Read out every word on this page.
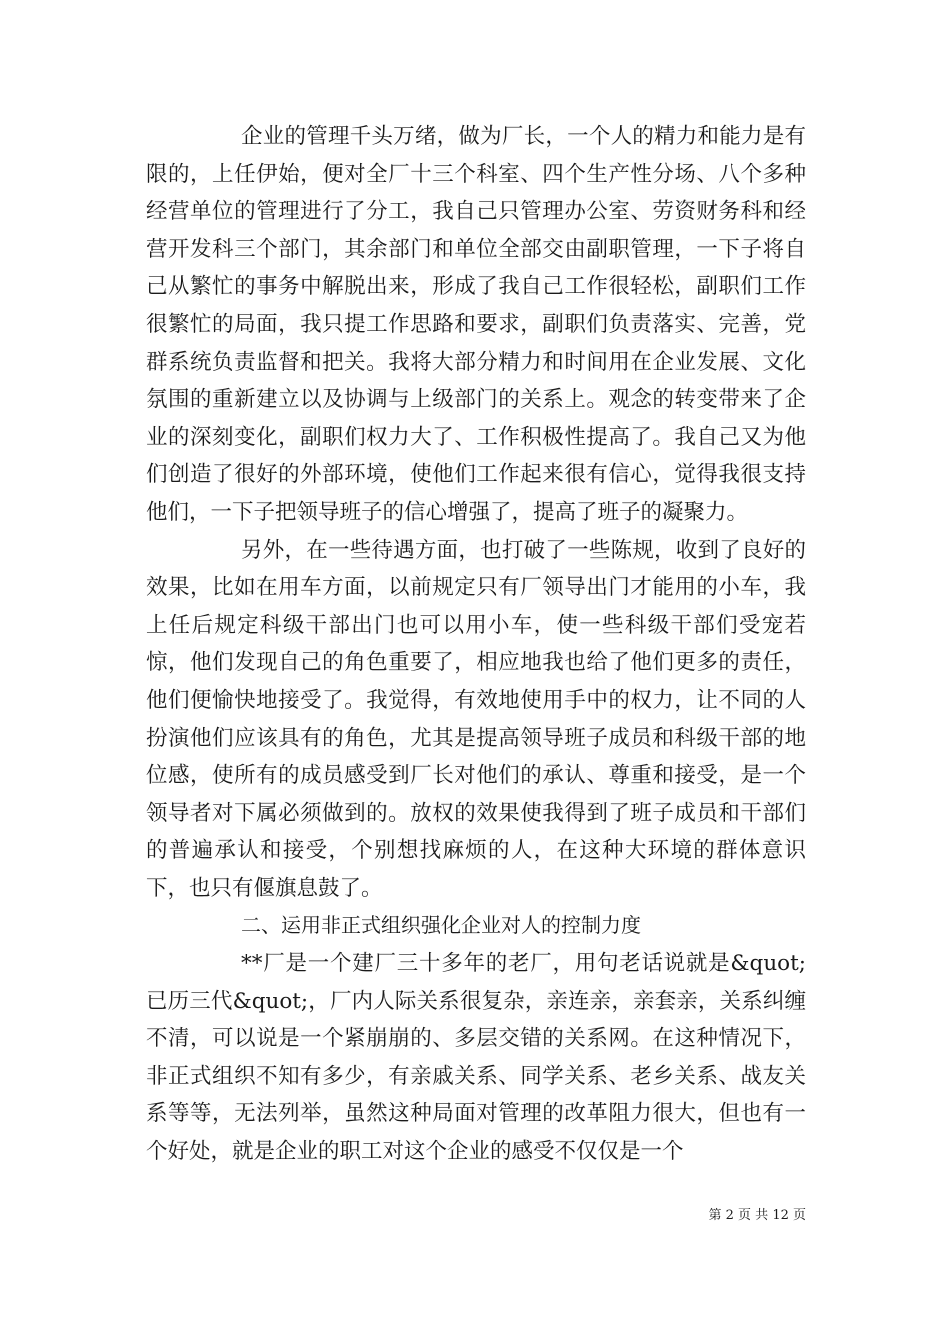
企业的管理千头万绪，做为厂长，一个人的精力和能力是有限的，上任伊始，便对全厂十三个科室、四个生产性分场、八个多种经营单位的管理进行了分工，我自己只管理办公室、劳资财务科和经营开发科三个部门，其余部门和单位全部交由副职管理，一下子将自己从繁忙的事务中解脱出来，形成了我自己工作很轻松，副职们工作很繁忙的局面，我只提工作思路和要求，副职们负责落实、完善，党群系统负责监督和把关。我将大部分精力和时间用在企业发展、文化氛围的重新建立以及协调与上级部门的关系上。观念的转变带来了企业的深刻变化，副职们权力大了、工作积极性提高了。我自己又为他们创造了很好的外部环境，使他们工作起来很有信心，觉得我很支持他们，一下子把领导班子的信心增强了，提高了班子的凝聚力。

另外，在一些待遇方面，也打破了一些陈规，收到了良好的效果，比如在用车方面，以前规定只有厂领导出门才能用的小车，我上任后规定科级干部出门也可以用小车，使一些科级干部们受宠若惊，他们发现自己的角色重要了，相应地我也给了他们更多的责任，他们便愉快地接受了。我觉得，有效地使用手中的权力，让不同的人扮演他们应该具有的角色，尤其是提高领导班子成员和科级干部的地位感，使所有的成员感受到厂长对他们的承认、尊重和接受，是一个领导者对下属必须做到的。放权的效果使我得到了班子成员和干部们的普遍承认和接受，个别想找麻烦的人，在这种大环境的群体意识下，也只有偃旗息鼓了。

二、运用非正式组织强化企业对人的控制力度

**厂是一个建厂三十多年的老厂，用句老话说就是&quot;已历三代&quot;，厂内人际关系很复杂，亲连亲，亲套亲，关系纠缠不清，可以说是一个紧崩崩的、多层交错的关系网。在这种情况下，非正式组织不知有多少，有亲戚关系、同学关系、老乡关系、战友关系等等，无法列举，虽然这种局面对管理的改革阻力很大，但也有一个好处，就是企业的职工对这个企业的感受不仅仅是一个

第 2 页 共 12 页
